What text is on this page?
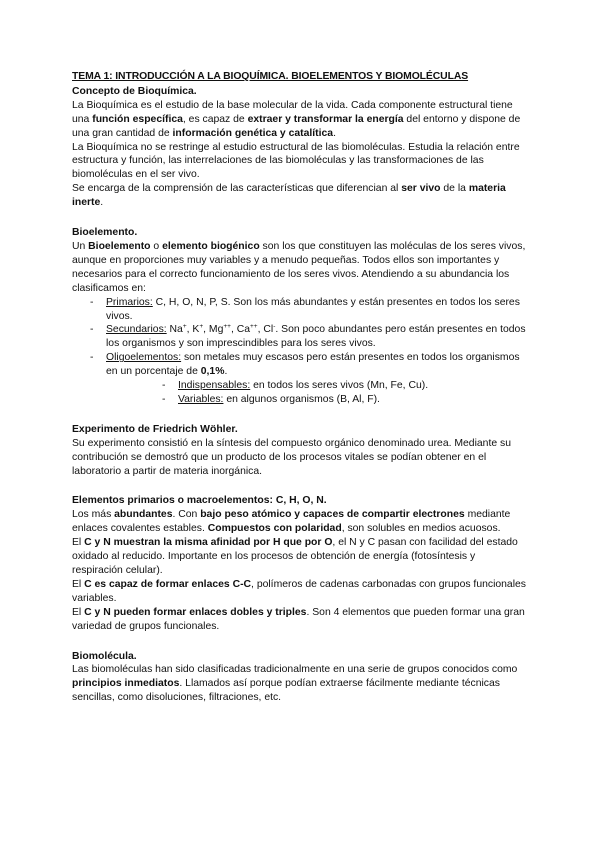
TEMA 1: INTRODUCCIÓN A LA BIOQUÍMICA. BIOELEMENTOS Y BIOMOLÉCULAS

Concepto de Bioquímica.

La Bioquímica es el estudio de la base molecular de la vida. Cada componente estructural tiene una función específica, es capaz de extraer y transformar la energía del entorno y dispone de una gran cantidad de información genética y catalítica.

La Bioquímica no se restringe al estudio estructural de las biomoléculas. Estudia la relación entre estructura y función, las interrelaciones de las biomoléculas y las transformaciones de las biomoléculas en el ser vivo.

Se encarga de la comprensión de las características que diferencian al ser vivo de la materia inerte.

Bioelemento.

Un Bioelemento o elemento biogénico son los que constituyen las moléculas de los seres vivos, aunque en proporciones muy variables y a menudo pequeñas. Todos ellos son importantes y necesarios para el correcto funcionamiento de los seres vivos. Atendiendo a su abundancia los clasificamos en:

- Primarios: C, H, O, N, P, S. Son los más abundantes y están presentes en todos los seres vivos.
- Secundarios: Na+, K+, Mg++, Ca++, Cl-. Son poco abundantes pero están presentes en todos los organismos y son imprescindibles para los seres vivos.
- Oligoelementos: son metales muy escasos pero están presentes en todos los organismos en un porcentaje de 0,1%.
- Indispensables: en todos los seres vivos (Mn, Fe, Cu).
- Variables: en algunos organismos (B, Al, F).
Experimento de Friedrich Wöhler.

Su experimento consistió en la síntesis del compuesto orgánico denominado urea. Mediante su contribución se demostró que un producto de los procesos vitales se podían obtener en el laboratorio a partir de materia inorgánica.

Elementos primarios o macroelementos: C, H, O, N.

Los más abundantes. Con bajo peso atómico y capaces de compartir electrones mediante enlaces covalentes estables. Compuestos con polaridad, son solubles en medios acuosos.

El C y N muestran la misma afinidad por H que por O, el N y C pasan con facilidad del estado oxidado al reducido. Importante en los procesos de obtención de energía (fotosíntesis y respiración celular).

El C es capaz de formar enlaces C-C, polímeros de cadenas carbonadas con grupos funcionales variables.

El C y N pueden formar enlaces dobles y triples. Son 4 elementos que pueden formar una gran variedad de grupos funcionales.

Biomolécula.

Las biomoléculas han sido clasificadas tradicionalmente en una serie de grupos conocidos como principios inmediatos. Llamados así porque podían extraerse fácilmente mediante técnicas sencillas, como disoluciones, filtraciones, etc.
